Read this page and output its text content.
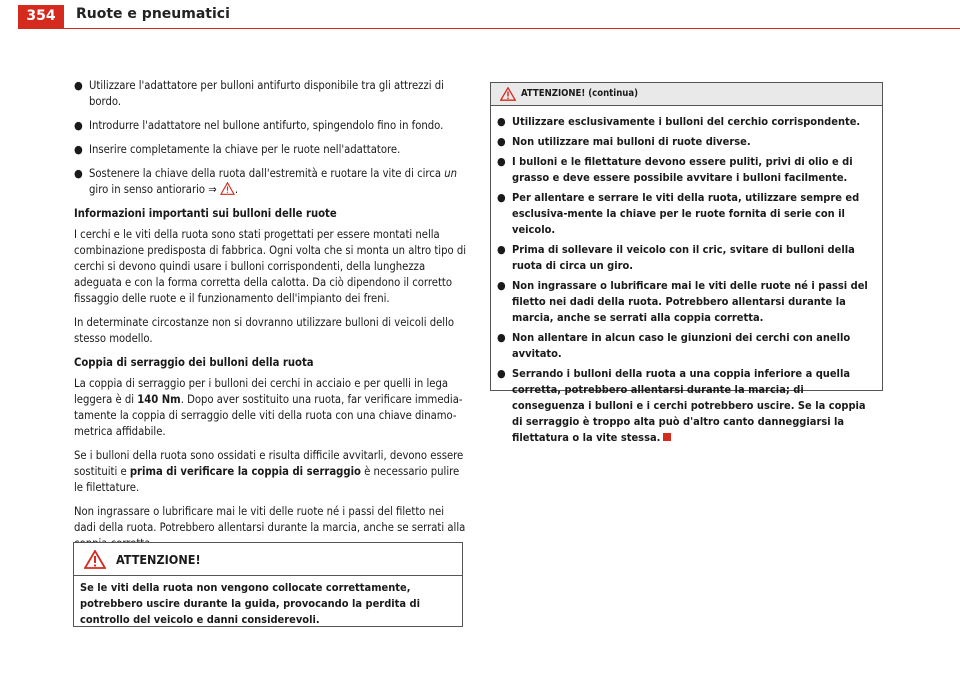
354	Ruote e pneumatici

● Utilizzare l'adattatore per bulloni antifurto disponibile tra gli attrezzi di bordo.

● Introdurre l'adattatore nel bullone antifurto, spingendolo fino in fondo.

● Inserire completamente la chiave per le ruote nell'adattatore.

● Sostenere la chiave della ruota dall'estremità e ruotare la vite di circa un giro in senso antiorario ⇒ .

Informazioni importanti sui bulloni delle ruote

I cerchi e le viti della ruota sono stati progettati per essere montati nella combinazione predisposta di fabbrica. Ogni volta che si monta un altro tipo di cerchi si devono quindi usare i bulloni corrispondenti, della lunghezza adeguata e con la forma corretta della calotta. Da ciò dipendono il corretto fissaggio delle ruote e il funzionamento dell'impianto dei freni.

In determinate circostanze non si dovranno utilizzare bulloni di veicoli dello stesso modello.

Coppia di serraggio dei bulloni della ruota

La coppia di serraggio per i bulloni dei cerchi in acciaio e per quelli in lega leggera è di 140 Nm. Dopo aver sostituito una ruota, far verificare immedia-tamente la coppia di serraggio delle viti della ruota con una chiave dinamo-metrica affidabile.

Se i bulloni della ruota sono ossidati e risulta difficile avvitarli, devono essere sostituiti e prima di verificare la coppia di serraggio è necessario pulire le filettature.

Non ingrassare o lubrificare mai le viti delle ruote né i passi del filetto nei dadi della ruota. Potrebbero allentarsi durante la marcia, anche se serrati alla

ATTENZIONE!
Se le viti della ruota non vengono collocate correttamente, potrebbero uscire durante la guida, provocando la perdita di controllo del veicolo e danni considerevoli.
ATTENZIONE! (continua)

● Utilizzare esclusivamente i bulloni del cerchio corrispondente.

● Non utilizzare mai bulloni di ruote diverse.

● I bulloni e le filettature devono essere puliti, privi di olio e di grasso e deve essere possibile avvitare i bulloni facilmente.

● Per allentare e serrare le viti della ruota, utilizzare sempre ed esclusiva-mente la chiave per le ruote fornita di serie con il veicolo.

● Prima di sollevare il veicolo con il cric, svitare di bulloni della ruota di circa un giro.

● Non ingrassare o lubrificare mai le viti delle ruote né i passi del filetto nei dadi della ruota. Potrebbero allentarsi durante la marcia, anche se serrati alla coppia corretta.

● Non allentare in alcun caso le giunzioni dei cerchi con anello avvitato.

● Serrando i bulloni della ruota a una coppia inferiore a quella corretta, potrebbero allentarsi durante la marcia; di conseguenza i bulloni e i cerchi potrebbero uscire. Se la coppia di serraggio è troppo alta può d'altro canto danneggiarsi la filettatura o la vite stessa.
